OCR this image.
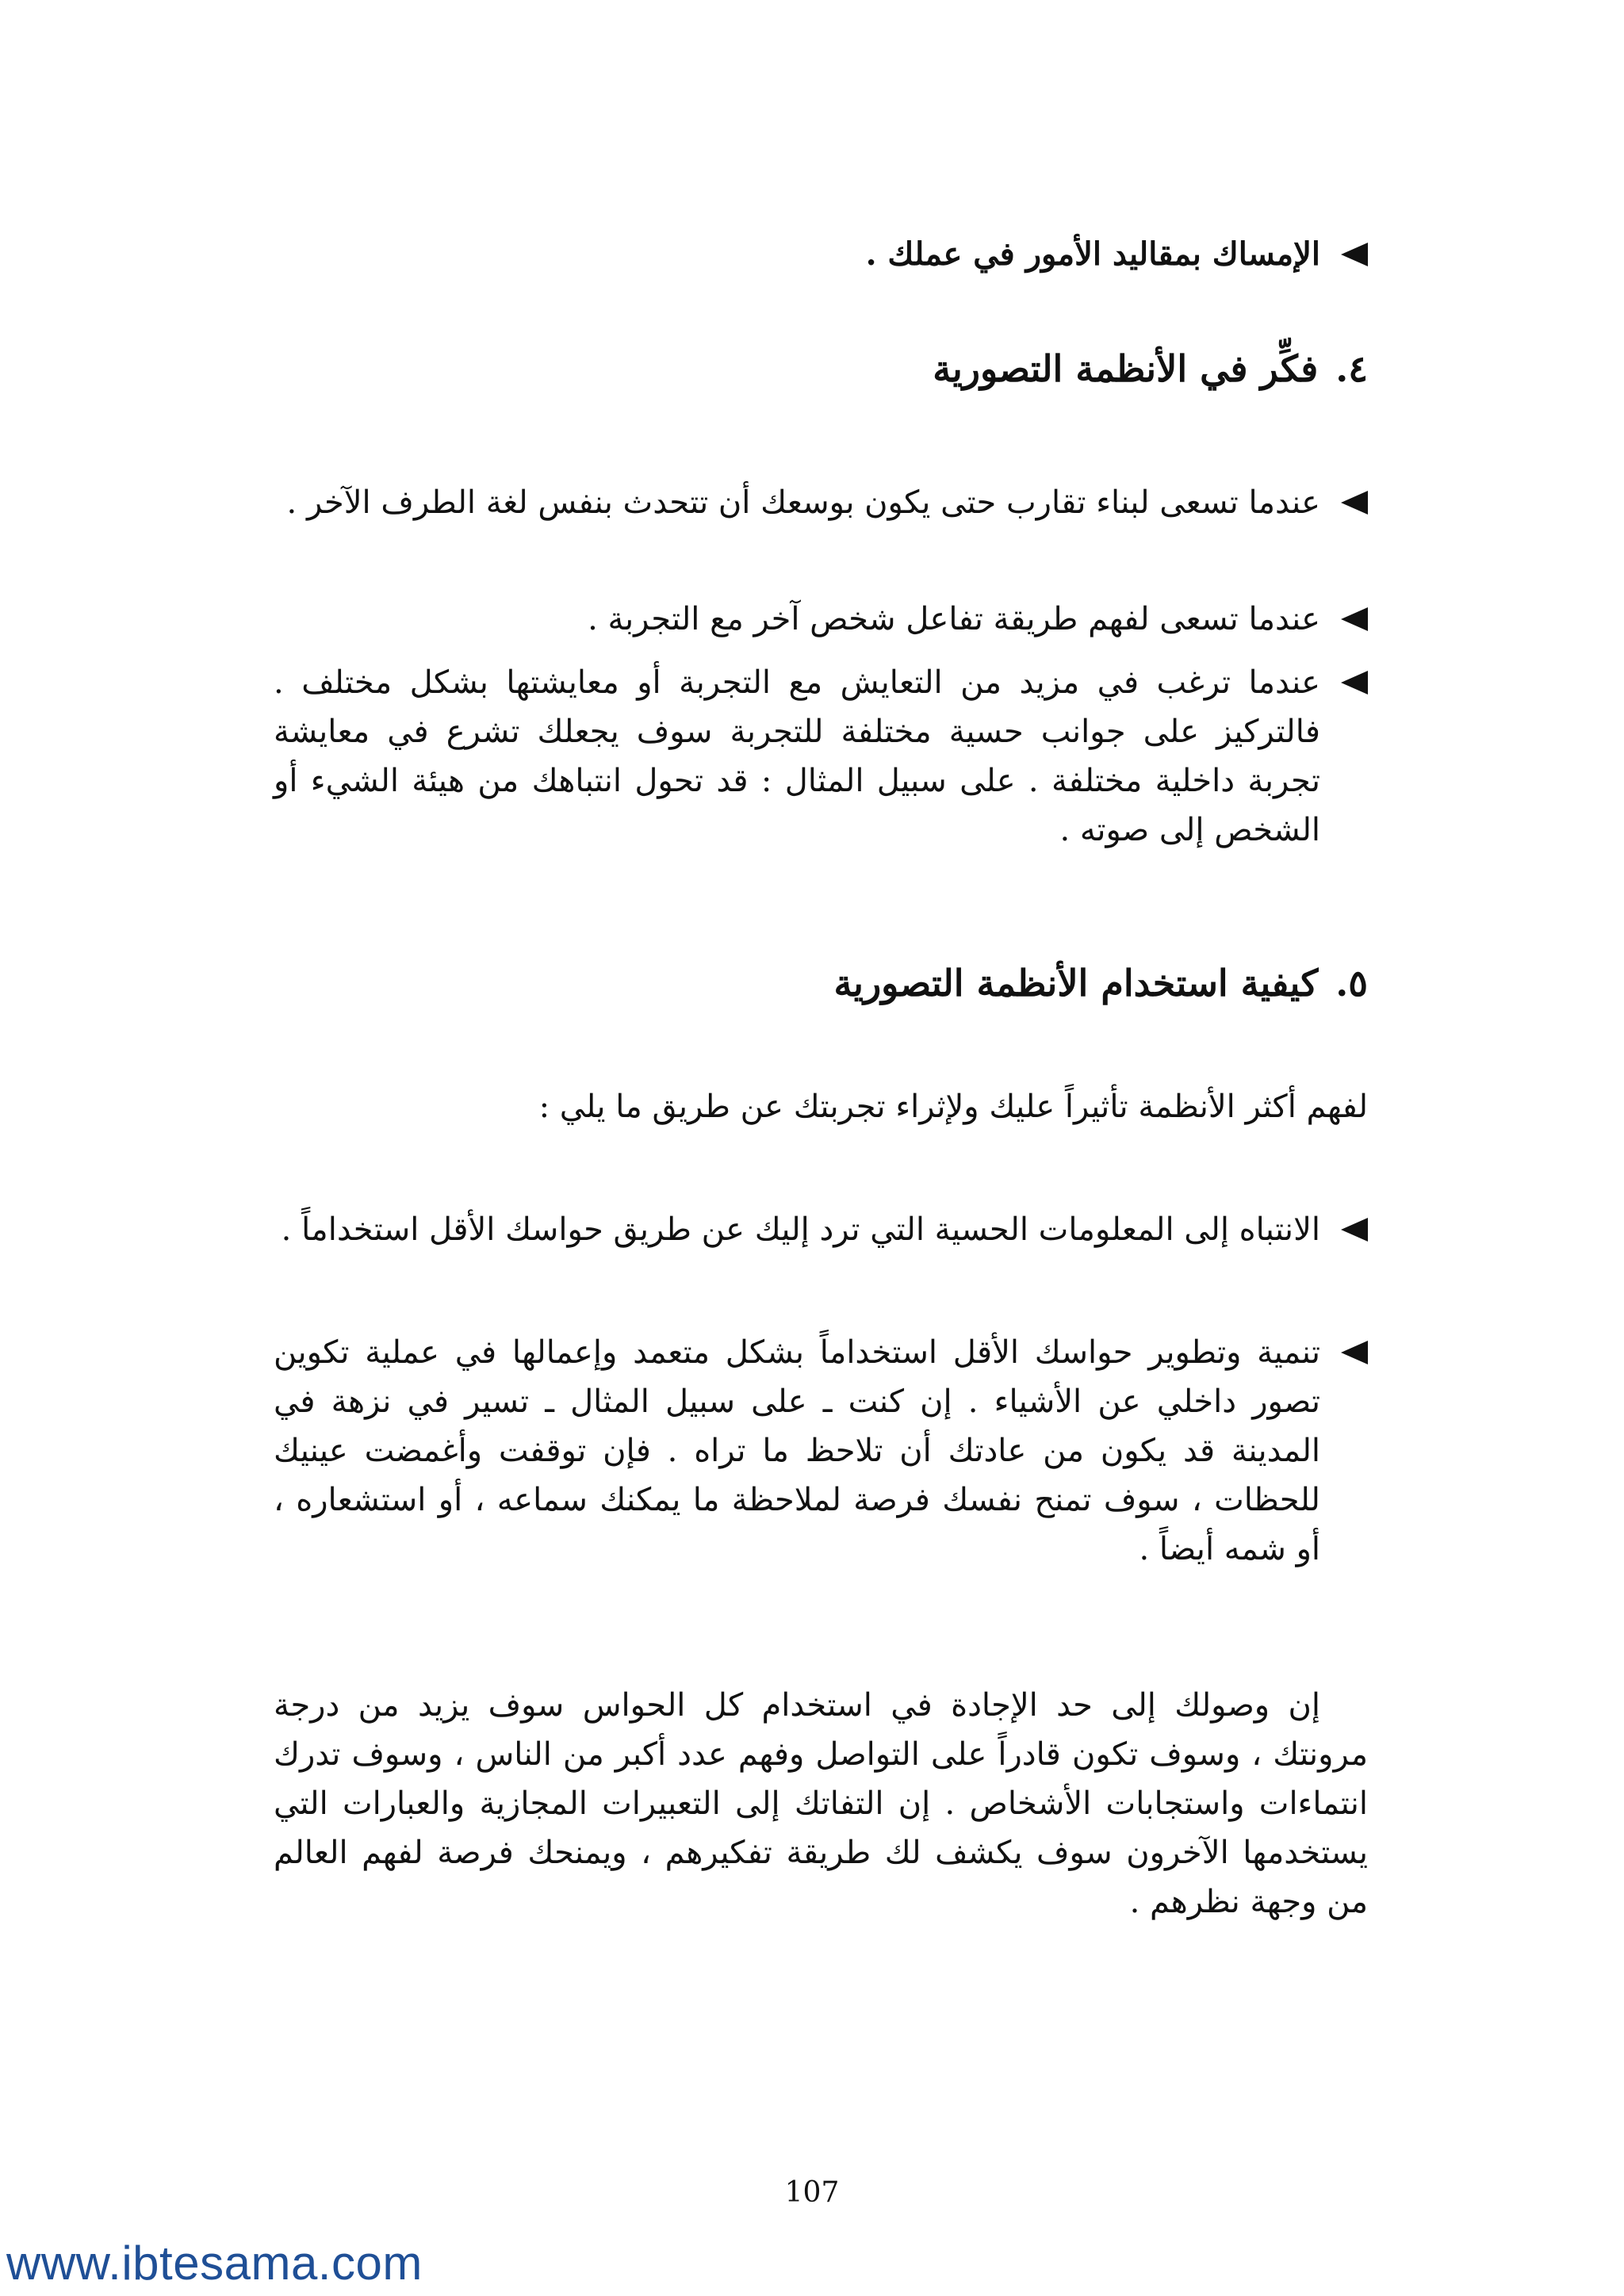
الإمساك بمقاليد الأمور في عملك .
٤.فكِّر في الأنظمة التصورية
عندما تسعى لبناء تقارب حتى يكون بوسعك أن تتحدث بنفس لغة الطرف الآخر .
عندما تسعى لفهم طريقة تفاعل شخص آخر مع التجربة .
عندما ترغب في مزيد من التعايش مع التجربة أو معايشتها بشكل مختلف . فالتركيز على جوانب حسية مختلفة للتجربة سوف يجعلك تشرع في معايشة تجربة داخلية مختلفة . على سبيل المثال : قد تحول انتباهك من هيئة الشيء أو الشخص إلى صوته .
٥.كيفية استخدام الأنظمة التصورية
لفهم أكثر الأنظمة تأثيراً عليك ولإثراء تجربتك عن طريق ما يلي :
الانتباه إلى المعلومات الحسية التي ترد إليك عن طريق حواسك الأقل استخداماً .
تنمية وتطوير حواسك الأقل استخداماً بشكل متعمد وإعمالها في عملية تكوين تصور داخلي عن الأشياء . إن كنت ـ على سبيل المثال ـ تسير في نزهة في المدينة قد يكون من عادتك أن تلاحظ ما تراه . فإن توقفت وأغمضت عينيك للحظات ، سوف تمنح نفسك فرصة لملاحظة ما يمكنك سماعه ، أو استشعاره ، أو شمه أيضاً .
إن وصولك إلى حد الإجادة في استخدام كل الحواس سوف يزيد من درجة مرونتك ، وسوف تكون قادراً على التواصل وفهم عدد أكبر من الناس ، وسوف تدرك انتماءات واستجابات الأشخاص . إن التفاتك إلى التعبيرات المجازية والعبارات التي يستخدمها الآخرون سوف يكشف لك طريقة تفكيرهم ، ويمنحك فرصة لفهم العالم من وجهة نظرهم .
107
www.ibtesama.com
